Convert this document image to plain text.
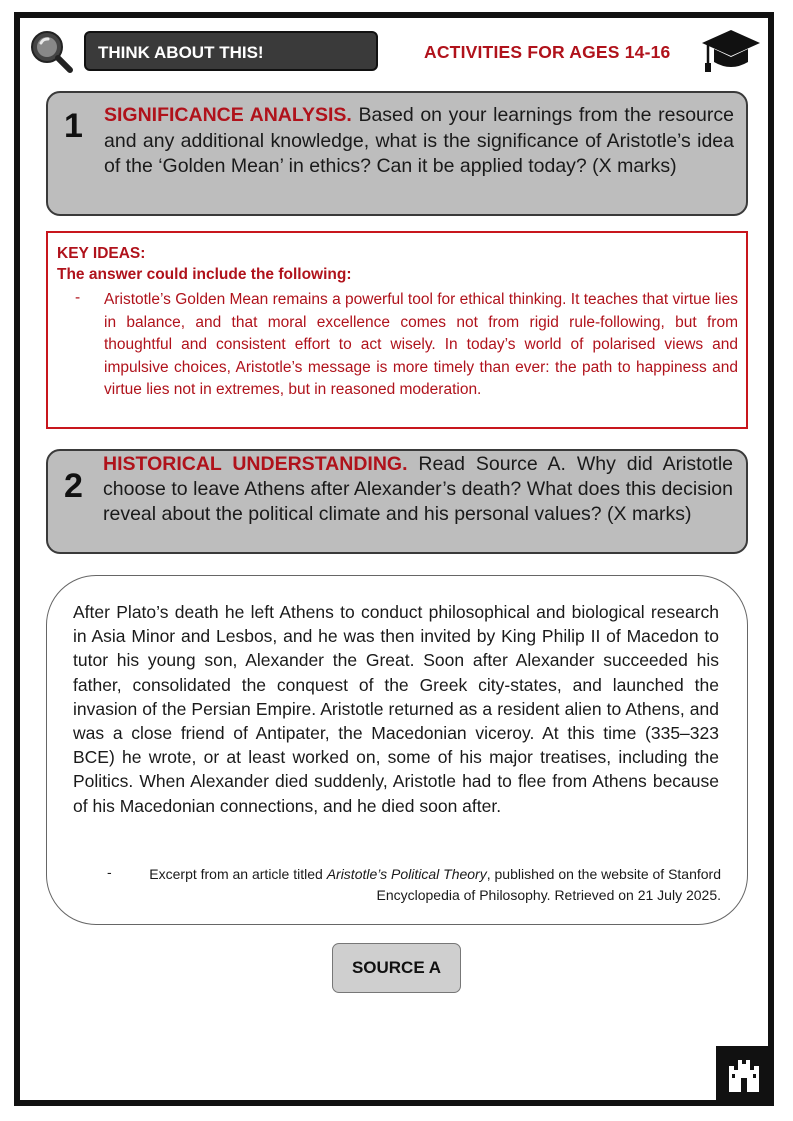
THINK ABOUT THIS!	ACTIVITIES FOR AGES 14-16
1 SIGNIFICANCE ANALYSIS. Based on your learnings from the resource and any additional knowledge, what is the significance of Aristotle’s idea of the ‘Golden Mean’ in ethics? Can it be applied today? (X marks)
KEY IDEAS:
The answer could include the following:
- Aristotle’s Golden Mean remains a powerful tool for ethical thinking. It teaches that virtue lies in balance, and that moral excellence comes not from rigid rule-following, but from thoughtful and consistent effort to act wisely. In today’s world of polarised views and impulsive choices, Aristotle’s message is more timely than ever: the path to happiness and virtue lies not in extremes, but in reasoned moderation.
2
HISTORICAL UNDERSTANDING. Read Source A. Why did Aristotle choose to leave Athens after Alexander’s death? What does this decision reveal about the political climate and his personal values? (X marks)
After Plato’s death he left Athens to conduct philosophical and biological research in Asia Minor and Lesbos, and he was then invited by King Philip II of Macedon to tutor his young son, Alexander the Great. Soon after Alexander succeeded his father, consolidated the conquest of the Greek city-states, and launched the invasion of the Persian Empire. Aristotle returned as a resident alien to Athens, and was a close friend of Antipater, the Macedonian viceroy. At this time (335–323 BCE) he wrote, or at least worked on, some of his major treatises, including the Politics. When Alexander died suddenly, Aristotle had to flee from Athens because of his Macedonian connections, and he died soon after.
-	Excerpt from an article titled Aristotle’s Political Theory, published on the website of Stanford Encyclopedia of Philosophy. Retrieved on 21 July 2025.
SOURCE A
